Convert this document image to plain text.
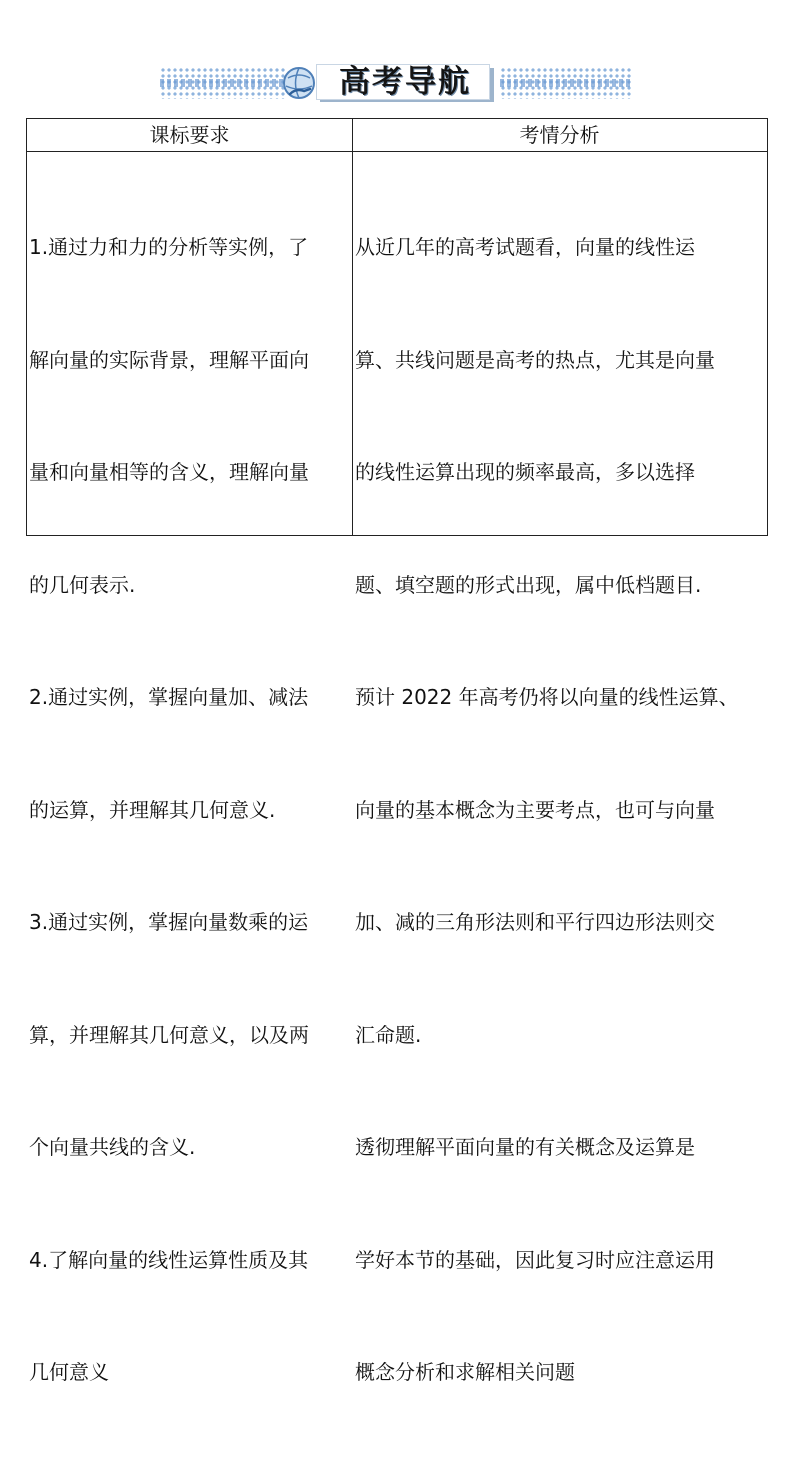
高考导航
课标要求	考情分析

1.通过力和力的分析等实例，了

解向量的实际背景，理解平面向

量和向量相等的含义，理解向量

的几何表示.

2.通过实例，掌握向量加、减法

的运算，并理解其几何意义.

3.通过实例，掌握向量数乘的运

算，并理解其几何意义，以及两

个向量共线的含义.

4.了解向量的线性运算性质及其

几何意义

从近几年的高考试题看，向量的线性运

算、共线问题是高考的热点，尤其是向量

的线性运算出现的频率最高，多以选择

题、填空题的形式出现，属中低档题目.

预计 2022 年高考仍将以向量的线性运算、

向量的基本概念为主要考点，也可与向量

加、减的三角形法则和平行四边形法则交

汇命题.

透彻理解平面向量的有关概念及运算是

学好本节的基础，因此复习时应注意运用

概念分析和求解相关问题
